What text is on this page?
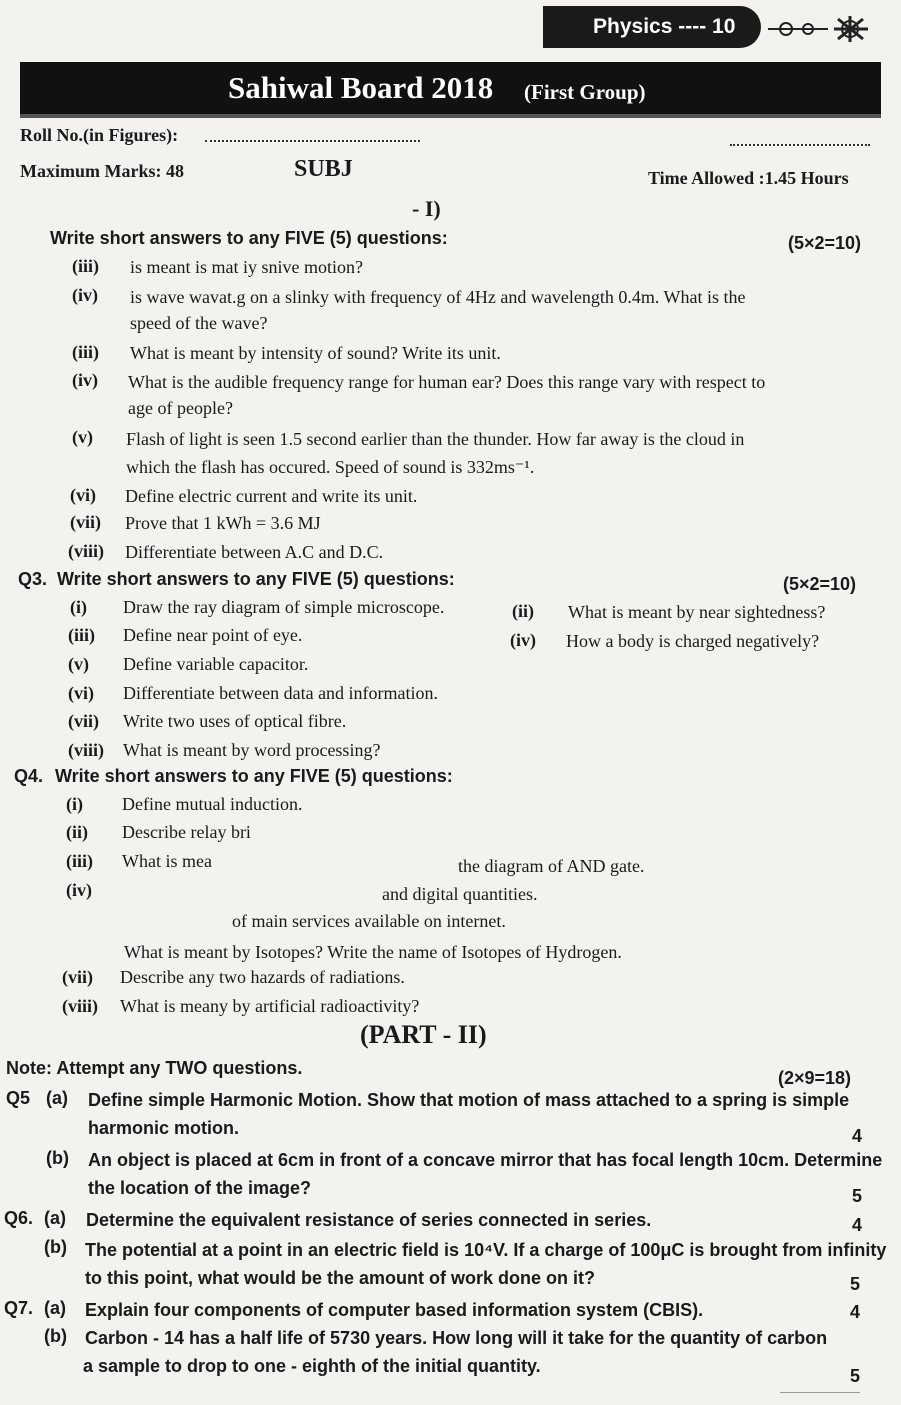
Physics ---- 10
Sahiwal Board 2018 (First Group)
Roll No.(in Figures):
Maximum Marks: 48	SUBJ	Time Allowed :1.45 Hours
- I)
Write short answers to any FIVE (5) questions:	(5×2=10)
(iii) is meant is mat iy snive motion?
(iv) is wave wavat.g on a slinky with frequency of 4Hz and wavelength 0.4m. What is the
speed of the wave?
(iii) What is meant by intensity of sound? Write its unit.
(iv) What is the audible frequency range for human ear? Does this range vary with respect to
age of people?
(v) Flash of light is seen 1.5 second earlier than the thunder. How far away is the cloud in
which the flash has occured. Speed of sound is 332ms⁻¹.
(vi) Define electric current and write its unit.
(vii) Prove that 1 kWh = 3.6 MJ
(viii) Differentiate between A.C and D.C.
Q3. Write short answers to any FIVE (5) questions:	(5×2=10)
(i) Draw the ray diagram of simple microscope.	(ii) What is meant by near sightedness?
(iii) Define near point of eye.	(iv) How a body is charged negatively?
(v) Define variable capacitor.
(vi) Differentiate between data and information.
(vii) Write two uses of optical fibre.
(viii) What is meant by word processing?
Q4. Write short answers to any FIVE (5) questions:
(i) Define mutual induction.
(ii) Describe relay bri
(iii) What is mea	the diagram of AND gate.
(iv)	and digital quantities.
of main services available on internet.
What is meant by Isotopes? Write the name of Isotopes of Hydrogen.
(vii) Describe any two hazards of radiations.
(viii) What is meany by artificial radioactivity?
(PART - II)
Note: Attempt any TWO questions.	(2×9=18)
Q5 (a) Define simple Harmonic Motion. Show that motion of mass attached to a spring is simple
harmonic motion.	4
(b) An object is placed at 6cm in front of a concave mirror that has focal length 10cm. Determine
the location of the image?	5
Q6. (a) Determine the equivalent resistance of series connected in series.	4
(b) The potential at a point in an electric field is 10⁴V. If a charge of 100μC is brought from infinity
to this point, what would be the amount of work done on it?	5
Q7. (a) Explain four components of computer based information system (CBIS).	4
(b) Carbon - 14 has a half life of 5730 years. How long will it take for the quantity of carbon
a sample to drop to one - eighth of the initial quantity.	5
